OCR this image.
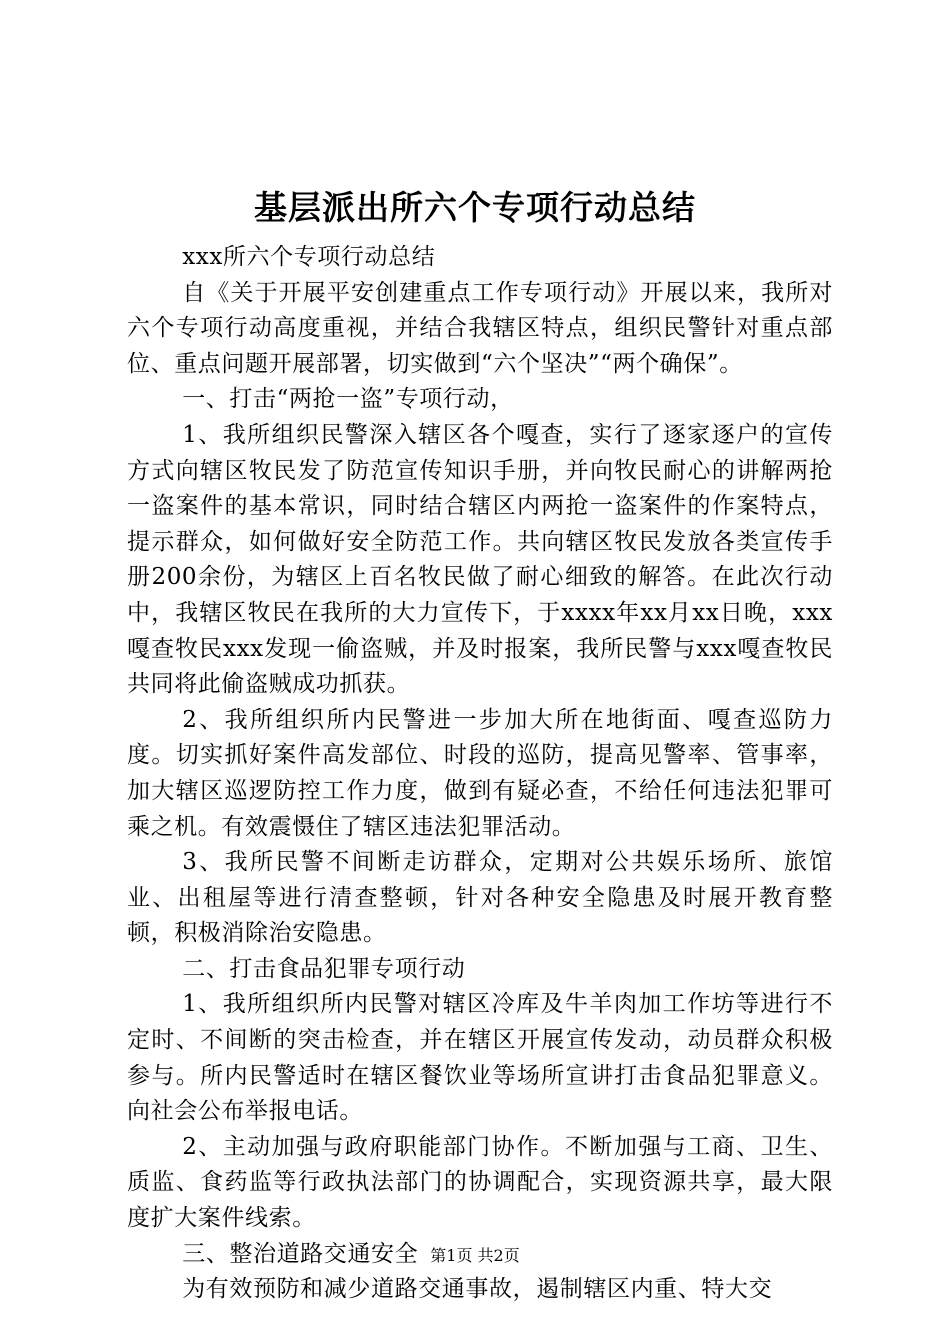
基层派出所六个专项行动总结

xxx所六个专项行动总结

自《关于开展平安创建重点工作专项行动》开展以来，我所对六个专项行动高度重视，并结合我辖区特点，组织民警针对重点部位、重点问题开展部署，切实做到“六个坚决”“两个确保”。

一、打击“两抢一盗”专项行动，

1、我所组织民警深入辖区各个嘎查，实行了逐家逐户的宣传方式向辖区牧民发了防范宣传知识手册，并向牧民耐心的讲解两抢一盗案件的基本常识，同时结合辖区内两抢一盗案件的作案特点，提示群众，如何做好安全防范工作。共向辖区牧民发放各类宣传手册200余份，为辖区上百名牧民做了耐心细致的解答。在此次行动中，我辖区牧民在我所的大力宣传下，于xxxx年xx月xx日晚，xxx嘎查牧民xxx发现一偷盗贼，并及时报案，我所民警与xxx嘎查牧民共同将此偷盗贼成功抓获。

2、我所组织所内民警进一步加大所在地街面、嘎查巡防力度。切实抓好案件高发部位、时段的巡防，提高见警率、管事率，加大辖区巡逻防控工作力度，做到有疑必查，不给任何违法犯罪可乘之机。有效震慑住了辖区违法犯罪活动。

3、我所民警不间断走访群众，定期对公共娱乐场所、旅馆业、出租屋等进行清查整顿，针对各种安全隐患及时展开教育整顿，积极消除治安隐患。

二、打击食品犯罪专项行动

1、我所组织所内民警对辖区冷库及牛羊肉加工作坊等进行不定时、不间断的突击检查，并在辖区开展宣传发动，动员群众积极参与。所内民警适时在辖区餐饮业等场所宣讲打击食品犯罪意义。向社会公布举报电话。

2、主动加强与政府职能部门协作。不断加强与工商、卫生、质监、食药监等行政执法部门的协调配合，实现资源共享，最大限度扩大案件线索。

三、整治道路交通安全

为有效预防和减少道路交通事故，遏制辖区内重、特大交

第1页 共2页
